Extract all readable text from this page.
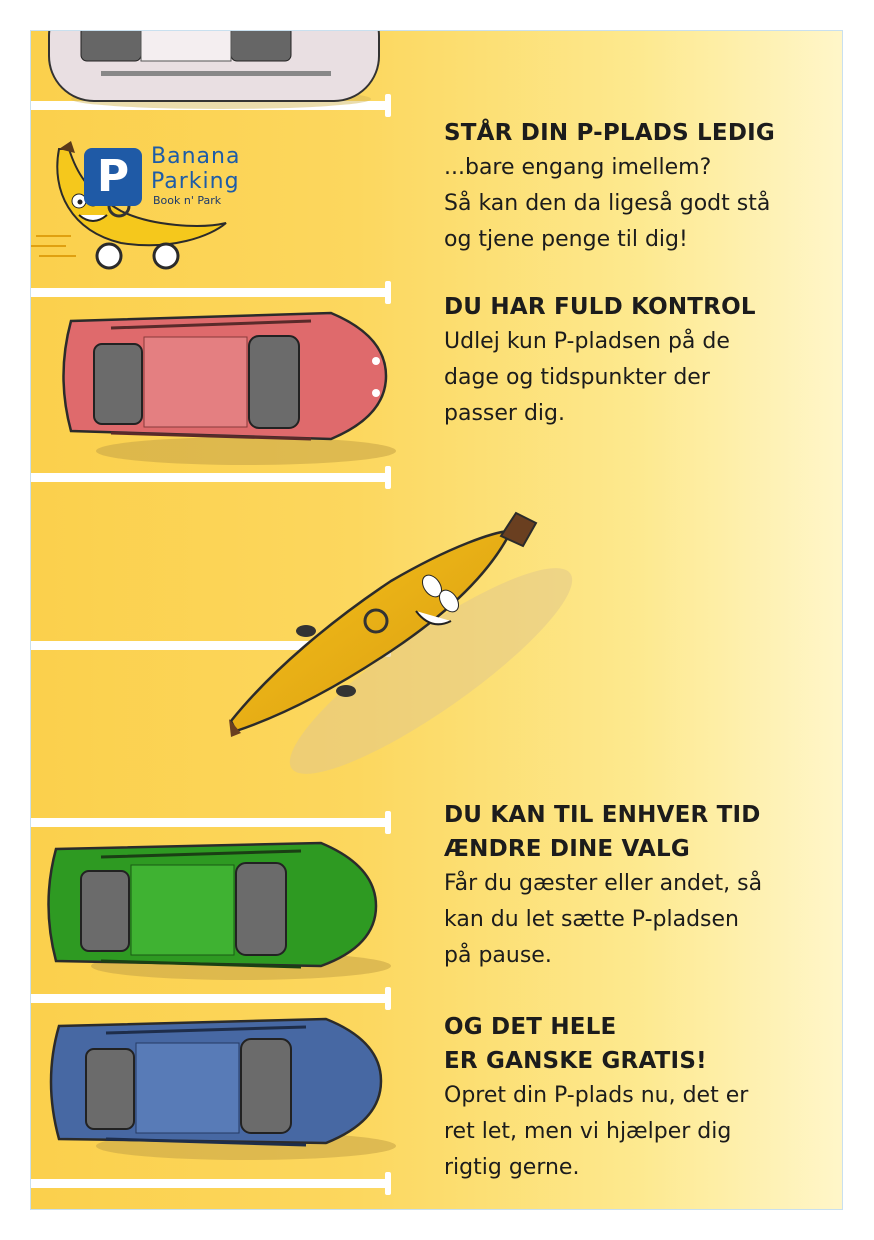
P Banana
Parking
Book n' Park
STÅR DIN P-PLADS LEDIG
...bare engang imellem?
Så kan den da ligeså godt stå
og tjene penge til dig!
DU HAR FULD KONTROL
Udlej kun P-pladsen på de
dage og tidspunkter der
passer dig.
DU KAN TIL ENHVER TID
ÆNDRE DINE VALG
Får du gæster eller andet, så
kan du let sætte P-pladsen
på pause.
OG DET HELE
ER GANSKE GRATIS!
Opret din P-plads nu, det er
ret let, men vi hjælper dig
rigtig gerne.
